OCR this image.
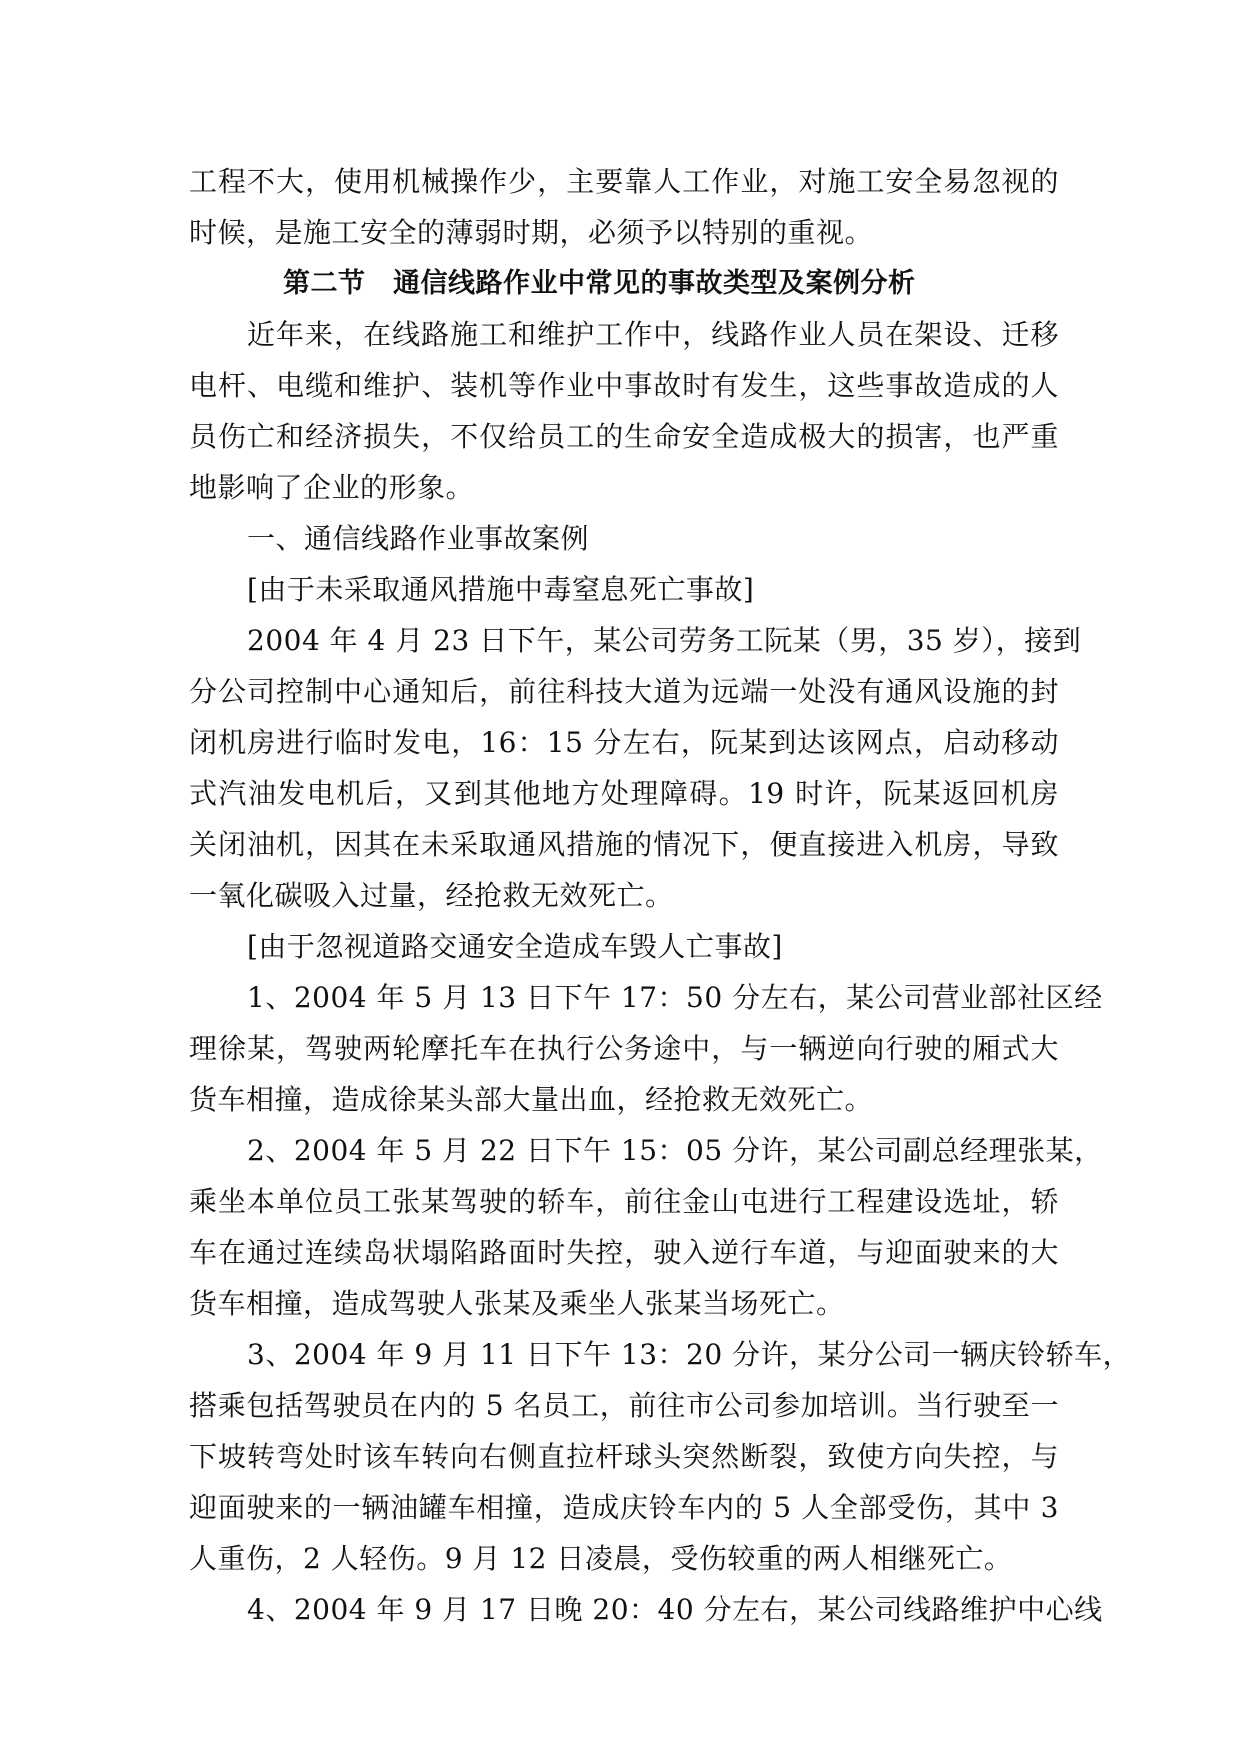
工程不大，使用机械操作少，主要靠人工作业，对施工安全易忽视的
时候，是施工安全的薄弱时期，必须予以特别的重视。
第二节　通信线路作业中常见的事故类型及案例分析
近年来，在线路施工和维护工作中，线路作业人员在架设、迁移
电杆、电缆和维护、装机等作业中事故时有发生，这些事故造成的人
员伤亡和经济损失，不仅给员工的生命安全造成极大的损害，也严重
地影响了企业的形象。
一、通信线路作业事故案例
[由于未采取通风措施中毒窒息死亡事故]
2004 年 4 月 23 日下午，某公司劳务工阮某（男，35 岁），接到
分公司控制中心通知后，前往科技大道为远端一处没有通风设施的封
闭机房进行临时发电，16：15 分左右，阮某到达该网点，启动移动
式汽油发电机后，又到其他地方处理障碍。19 时许，阮某返回机房
关闭油机，因其在未采取通风措施的情况下，便直接进入机房，导致
一氧化碳吸入过量，经抢救无效死亡。
[由于忽视道路交通安全造成车毁人亡事故]
1、2004 年 5 月 13 日下午 17：50 分左右，某公司营业部社区经
理徐某，驾驶两轮摩托车在执行公务途中，与一辆逆向行驶的厢式大
货车相撞，造成徐某头部大量出血，经抢救无效死亡。
2、2004 年 5 月 22 日下午 15：05 分许，某公司副总经理张某，
乘坐本单位员工张某驾驶的轿车，前往金山屯进行工程建设选址，轿
车在通过连续岛状塌陷路面时失控，驶入逆行车道，与迎面驶来的大
货车相撞，造成驾驶人张某及乘坐人张某当场死亡。
3、2004 年 9 月 11 日下午 13：20 分许，某分公司一辆庆铃轿车，
搭乘包括驾驶员在内的 5 名员工，前往市公司参加培训。当行驶至一
下坡转弯处时该车转向右侧直拉杆球头突然断裂，致使方向失控，与
迎面驶来的一辆油罐车相撞，造成庆铃车内的 5 人全部受伤，其中 3
人重伤，2 人轻伤。9 月 12 日凌晨，受伤较重的两人相继死亡。
4、2004 年 9 月 17 日晚 20：40 分左右，某公司线路维护中心线
